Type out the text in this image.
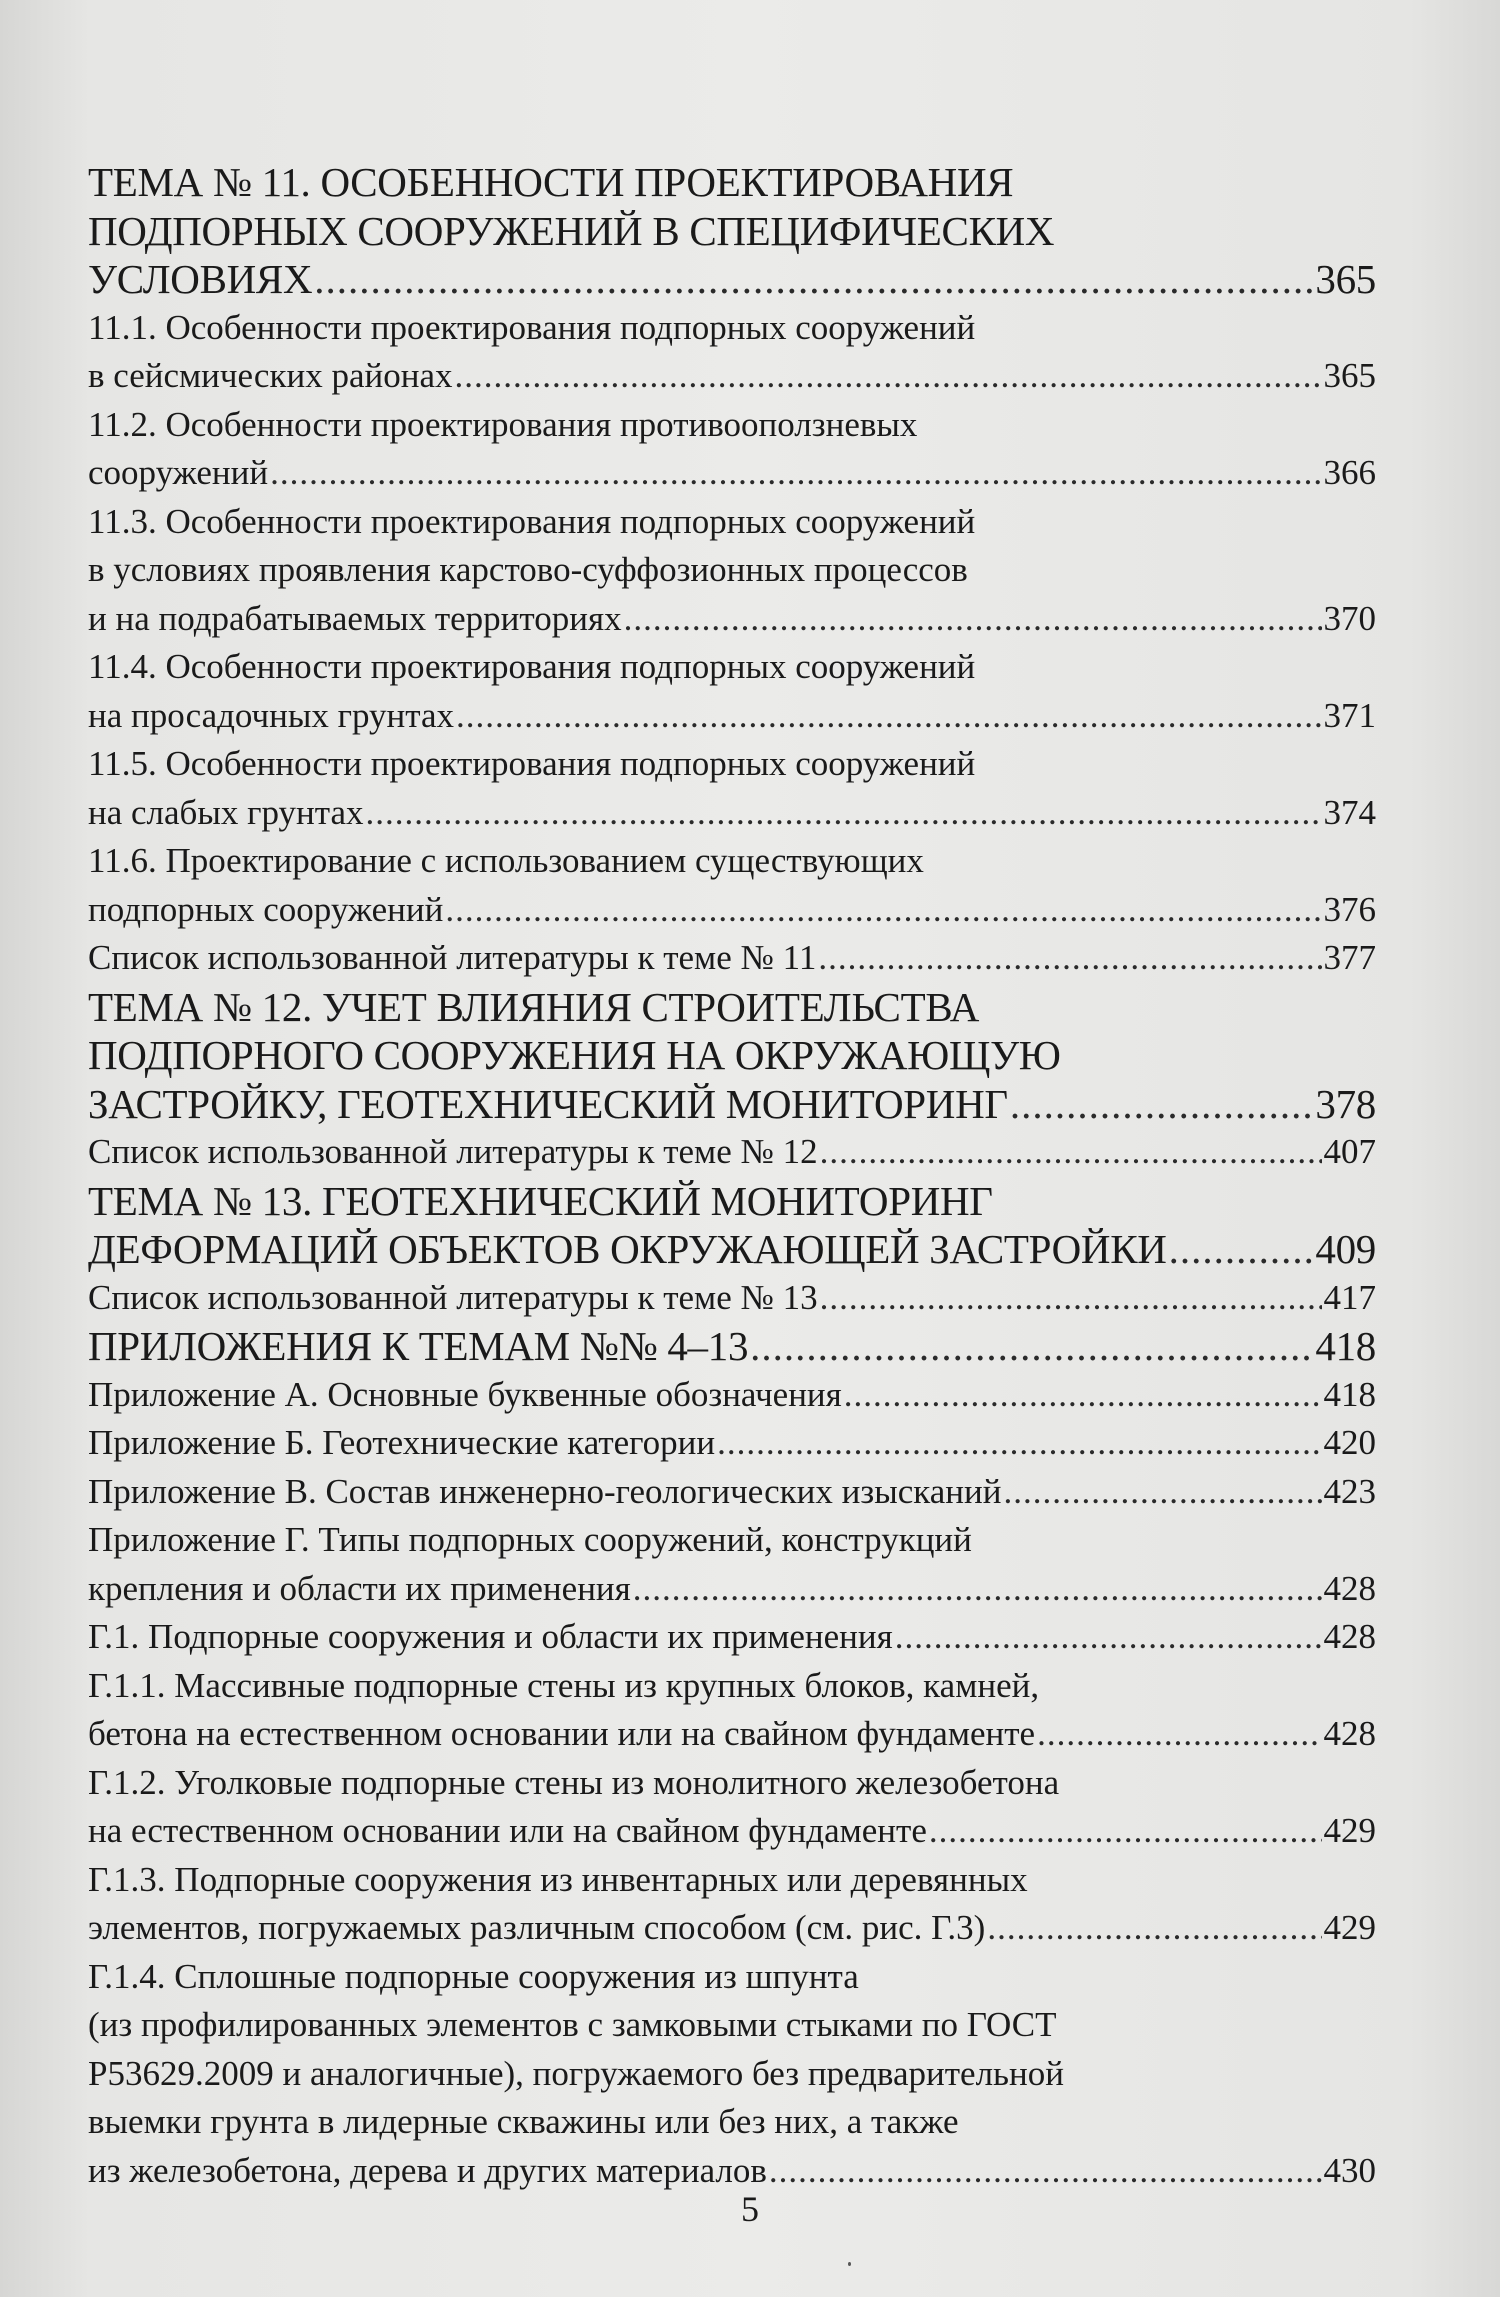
ТЕМА № 11. ОСОБЕННОСТИ ПРОЕКТИРОВАНИЯ
ПОДПОРНЫХ СООРУЖЕНИЙ В СПЕЦИФИЧЕСКИХ
УСЛОВИЯХ .....	365
11.1. Особенности проектирования подпорных сооружений
в сейсмических районах .....	365
11.2. Особенности проектирования противооползневых
сооружений .....	366
11.3. Особенности проектирования подпорных сооружений
в условиях проявления карстово-суффозионных процессов
и на подрабатываемых территориях .....	370
11.4. Особенности проектирования подпорных сооружений
на просадочных грунтах .....	371
11.5. Особенности проектирования подпорных сооружений
на слабых грунтах .....	374
11.6. Проектирование с использованием существующих
подпорных сооружений .....	376
Список использованной литературы к теме № 11 .....	377
ТЕМА № 12. УЧЕТ ВЛИЯНИЯ СТРОИТЕЛЬСТВА
ПОДПОРНОГО СООРУЖЕНИЯ НА ОКРУЖАЮЩУЮ
ЗАСТРОЙКУ, ГЕОТЕХНИЧЕСКИЙ МОНИТОРИНГ .....	378
Список использованной литературы к теме № 12 .....	407
ТЕМА № 13. ГЕОТЕХНИЧЕСКИЙ МОНИТОРИНГ
ДЕФОРМАЦИЙ ОБЪЕКТОВ ОКРУЖАЮЩЕЙ ЗАСТРОЙКИ .....	409
Список использованной литературы к теме № 13 .....	417
ПРИЛОЖЕНИЯ К ТЕМАМ №№ 4–13 .....	418
Приложение А. Основные буквенные обозначения .....	418
Приложение Б. Геотехнические категории .....	420
Приложение В. Состав инженерно-геологических изысканий .....	423
Приложение Г. Типы подпорных сооружений, конструкций
крепления и области их применения .....	428
Г.1. Подпорные сооружения и области их применения .....	428
Г.1.1. Массивные подпорные стены из крупных блоков, камней,
бетона на естественном основании или на свайном фундаменте .....	428
Г.1.2. Уголковые подпорные стены из монолитного железобетона
на естественном основании или на свайном фундаменте .....	429
Г.1.3. Подпорные сооружения из инвентарных или деревянных
элементов, погружаемых различным способом (см. рис. Г.3) .....	429
Г.1.4. Сплошные подпорные сооружения из шпунта
(из профилированных элементов с замковыми стыками по ГОСТ
Р53629.2009 и аналогичные), погружаемого без предварительной
выемки грунта в лидерные скважины или без них, а также
из железобетона, дерева и других материалов .....	430
5
